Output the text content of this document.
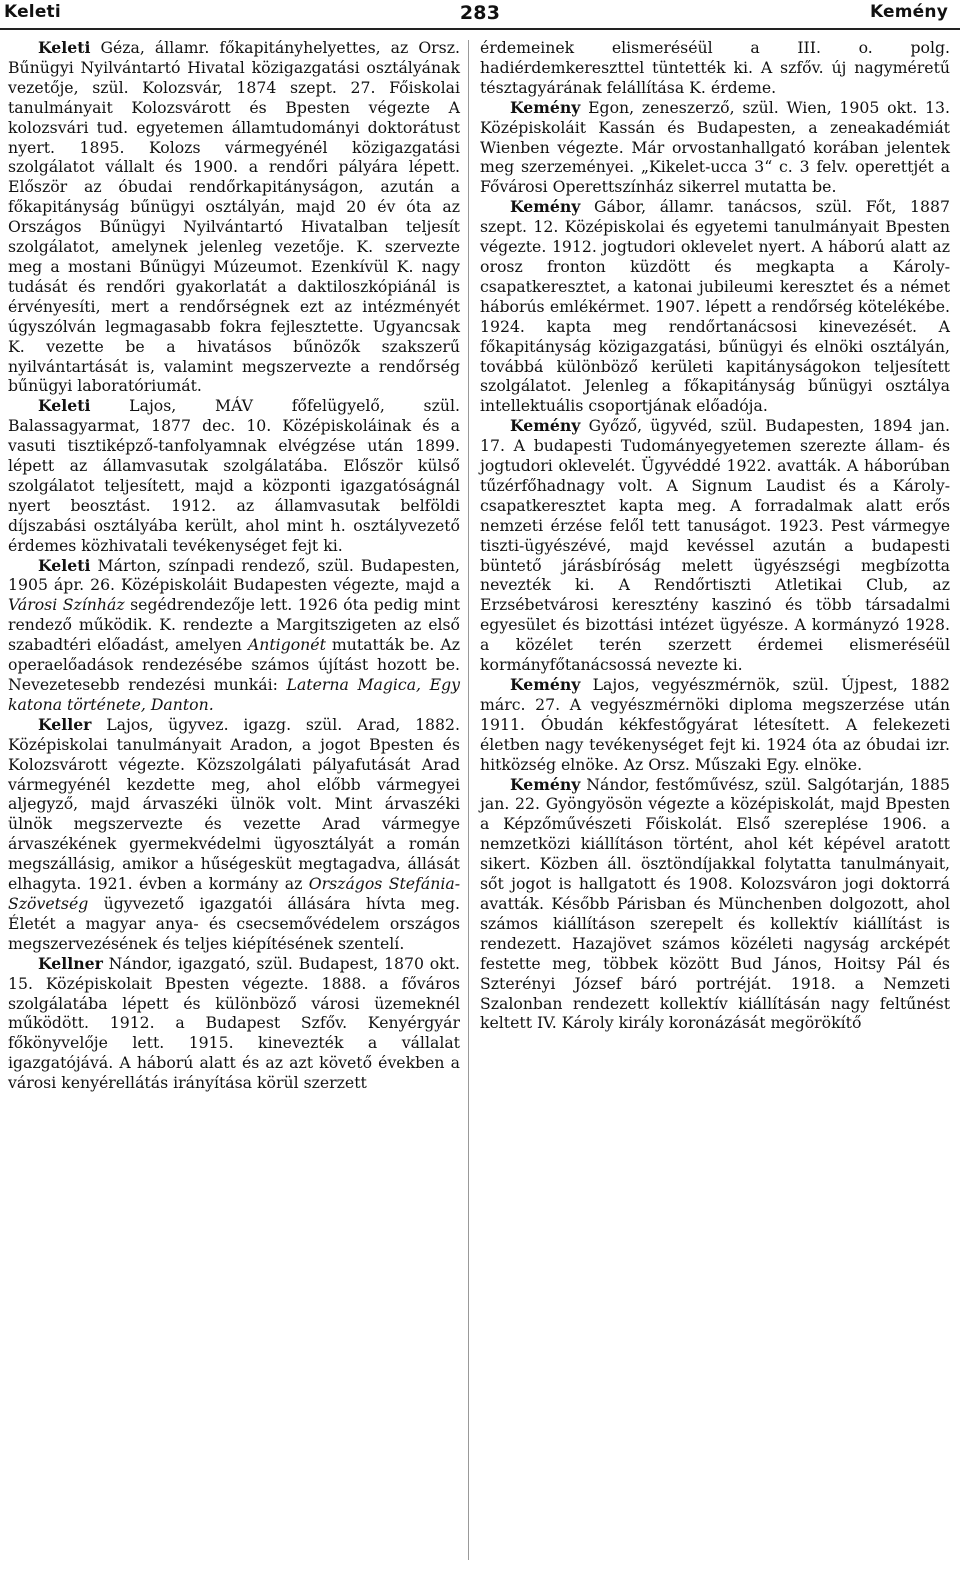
Keleti	283	Kemény

Keleti Géza, államr. főkapitányhelyettes, az Orsz. Bűnügyi Nyilvántartó Hivatal közigazgatási osztályának vezetője, szül. Kolozsvár, 1874 szept. 27. Főiskolai tanulmányait Kolozsvárott és Bpesten végezte A kolozsvári tud. egyetemen államtudományi doktorátust nyert. 1895. Kolozs vármegyénél közigazgatási szolgálatot vállalt és 1900. a rendőri pályára lépett. Először az óbudai rendőrkapitányságon, azután a főkapitányság bűnügyi osztályán, majd 20 év óta az Országos Bűnügyi Nyilvántartó Hivatalban teljesít szolgálatot, amelynek jelenleg vezetője. K. szervezte meg a mostani Bűnügyi Múzeumot. Ezenkívül K. nagy tudását és rendőri gyakorlatát a daktiloszkópiánál is érvényesíti, mert a rendőrségnek ezt az intézményét úgyszólván legmagasabb fokra fejlesztette. Ugyancsak K. vezette be a hivatásos bűnözők szakszerű nyilvántartását is, valamint megszervezte a rendőrség bűnügyi laboratóriumát.

Keleti Lajos, MÁV főfelügyelő, szül. Balassagyarmat, 1877 dec. 10. Középiskoláinak és a vasuti tisztiképző-tanfolyamnak elvégzése után 1899. lépett az államvasutak szolgálatába. Először külső szolgálatot teljesített, majd a központi igazgatóságnál nyert beosztást. 1912. az államvasutak belföldi díjszabási osztályába került, ahol mint h. osztályvezető érdemes közhivatali tevékenységet fejt ki.

Keleti Márton, színpadi rendező, szül. Budapesten, 1905 ápr. 26. Középiskoláit Budapesten végezte, majd a Városi Színház segédrendezője lett. 1926 óta pedig mint rendező működik. K. rendezte a Margitszigeten az első szabadtéri előadást, amelyen Antigonét mutatták be. Az operaelőadások rendezésébe számos újítást hozott be. Nevezetesebb rendezési munkái: Laterna Magica, Egy katona története, Danton.

Keller Lajos, ügyvez. igazg. szül. Arad, 1882. Középiskolai tanulmányait Aradon, a jogot Bpesten és Kolozsvárott végezte. Közszolgálati pályafutását Arad vármegyénél kezdette meg, ahol előbb vármegyei aljegyző, majd árvaszéki ülnök volt. Mint árvaszéki ülnök megszervezte és vezette Arad vármegye árvaszékének gyermekvédelmi ügyosztályát a román megszállásig, amikor a hűségesküt megtagadva, állását elhagyta. 1921. évben a kormány az Országos Stefánia-Szövetség ügyvezető igazgatói állására hívta meg. Életét a magyar anya- és csecsemővédelem országos megszervezésének és teljes kiépítésének szentelí.

Kellner Nándor, igazgató, szül. Budapest, 1870 okt. 15. Középiskolait Bpesten végezte. 1888. a főváros szolgálatába lépett és különböző városi üzemeknél működött. 1912. a Budapest Szfőv. Kenyérgyár főkönyvelője lett. 1915. kinevezték a vállalat igazgatójává. A háború alatt és az azt követő években a városi kenyérellátás irányítása körül szerzett

érdemeinek elismeréséül a III. o. polg. hadiérdemkereszttel tüntették ki. A szfőv. új nagyméretű tésztagyárának felállítása K. érdeme.

Kemény Egon, zeneszerző, szül. Wien, 1905 okt. 13. Középiskoláit Kassán és Budapesten, a zeneakadémiát Wienben végezte. Már orvostanhallgató korában jelentek meg szerzeményei. „Kikelet-ucca 3“ c. 3 felv. operettjét a Fővárosi Operettszínház sikerrel mutatta be.

Kemény Gábor, államr. tanácsos, szül. Főt, 1887 szept. 12. Középiskolai és egyetemi tanulmányait Bpesten végezte. 1912. jogtudori oklevelet nyert. A háború alatt az orosz fronton küzdött és megkapta a Károly-csapatkeresztet, a katonai jubileumi keresztet és a német háborús emlékérmet. 1907. lépett a rendőrség kötelékébe. 1924. kapta meg rendőrtanácsosi kinevezését. A főkapitányság közigazgatási, bűnügyi és elnöki osztályán, továbbá különböző kerületi kapitányságokon teljesített szolgálatot. Jelenleg a főkapitányság bűnügyi osztálya intellektuális csoportjának előadója.

Kemény Győző, ügyvéd, szül. Budapesten, 1894 jan. 17. A budapesti Tudományegyetemen szerezte állam- és jogtudori oklevelét. Ügyvéddé 1922. avatták. A háborúban tűzérfőhadnagy volt. A Signum Laudist és a Károly-csapatkeresztet kapta meg. A forradalmak alatt erős nemzeti érzése felől tett tanuságot. 1923. Pest vármegye tiszti-ügyészévé, majd kevéssel azután a budapesti büntető járásbíróság melett ügyészségi megbízotta nevezték ki. A Rendőrtiszti Atletikai Club, az Erzsébetvárosi keresztény kaszinó és több társadalmi egyesület és bizottási intézet ügyésze. A kormányzó 1928. a közélet terén szerzett érdemei elismeréséül kormányfőtanácsossá nevezte ki.

Kemény Lajos, vegyészmérnök, szül. Újpest, 1882 márc. 27. A vegyészmérnöki diploma megszerzése után 1911. Óbudán kékfestőgyárat létesített. A felekezeti életben nagy tevékenységet fejt ki. 1924 óta az óbudai izr. hitközség elnöke. Az Orsz. Műszaki Egy. elnöke.

Kemény Nándor, festőművész, szül. Salgótarján, 1885 jan. 22. Gyöngyösön végezte a középiskolát, majd Bpesten a Képzőművészeti Főiskolát. Első szereplése 1906. a nemzetközi kiállításon történt, ahol két képével aratott sikert. Közben áll. ösztöndíjakkal folytatta tanulmányait, sőt jogot is hallgatott és 1908. Kolozsváron jogi doktorrá avatták. Később Párisban és Münchenben dolgozott, ahol számos kiállításon szerepelt és kollektív kiállítást is rendezett. Hazajövet számos közéleti nagyság arcképét festette meg, többek között Bud János, Hoitsy Pál és Szterényi József báró portréját. 1918. a Nemzeti Szalonban rendezett kollektív kiállításán nagy feltűnést keltett IV. Károly király koronázását megörökítő
